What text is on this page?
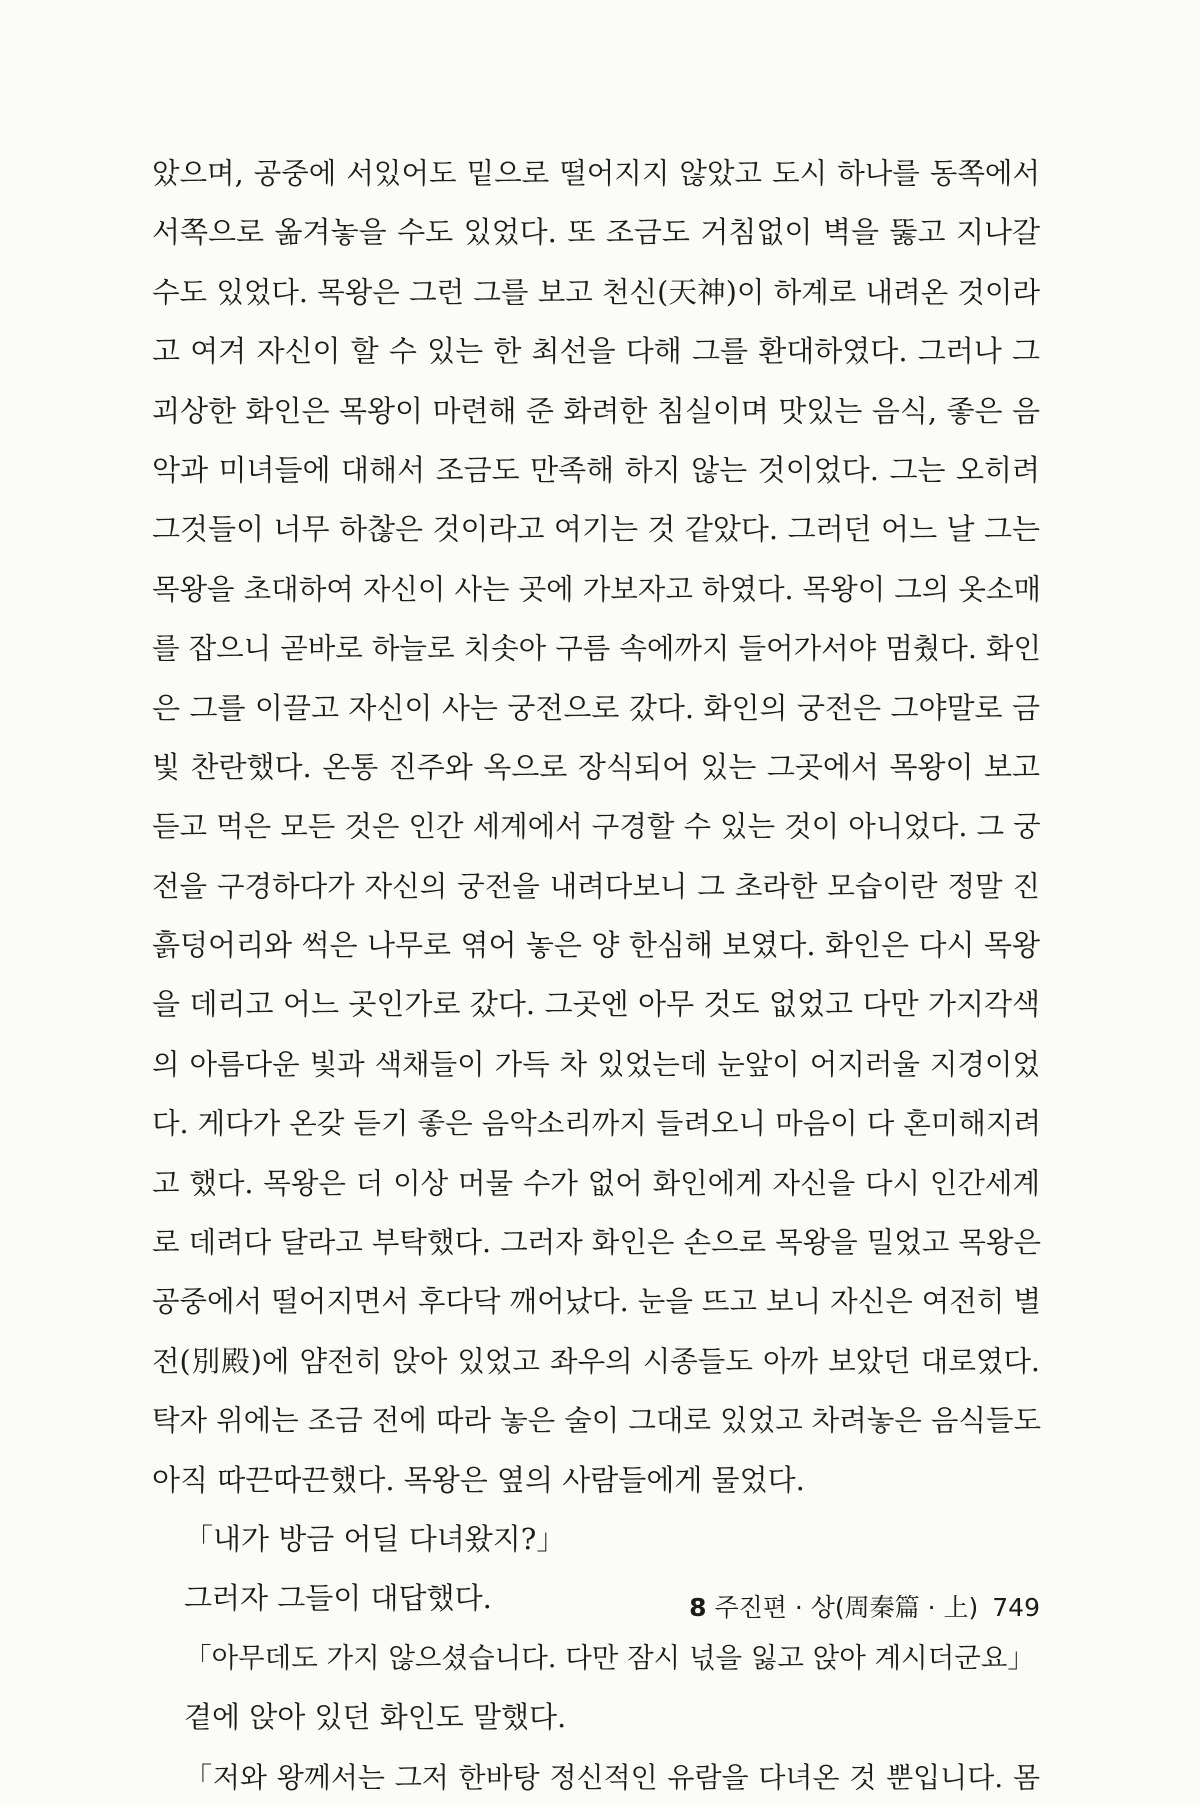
았으며, 공중에 서있어도 밑으로 떨어지지 않았고 도시 하나를 동쪽에서
서쪽으로 옮겨놓을 수도 있었다. 또 조금도 거침없이 벽을 뚫고 지나갈
수도 있었다. 목왕은 그런 그를 보고 천신(天神)이 하계로 내려온 것이라
고 여겨 자신이 할 수 있는 한 최선을 다해 그를 환대하였다. 그러나 그
괴상한 화인은 목왕이 마련해 준 화려한 침실이며 맛있는 음식, 좋은 음
악과 미녀들에 대해서 조금도 만족해 하지 않는 것이었다. 그는 오히려
그것들이 너무 하찮은 것이라고 여기는 것 같았다. 그러던 어느 날 그는
목왕을 초대하여 자신이 사는 곳에 가보자고 하였다. 목왕이 그의 옷소매
를 잡으니 곧바로 하늘로 치솟아 구름 속에까지 들어가서야 멈췄다. 화인
은 그를 이끌고 자신이 사는 궁전으로 갔다. 화인의 궁전은 그야말로 금
빛 찬란했다. 온통 진주와 옥으로 장식되어 있는 그곳에서 목왕이 보고
듣고 먹은 모든 것은 인간 세계에서 구경할 수 있는 것이 아니었다. 그 궁
전을 구경하다가 자신의 궁전을 내려다보니 그 초라한 모습이란 정말 진
흙덩어리와 썩은 나무로 엮어 놓은 양 한심해 보였다. 화인은 다시 목왕
을 데리고 어느 곳인가로 갔다. 그곳엔 아무 것도 없었고 다만 가지각색
의 아름다운 빛과 색채들이 가득 차 있었는데 눈앞이 어지러울 지경이었
다. 게다가 온갖 듣기 좋은 음악소리까지 들려오니 마음이 다 혼미해지려
고 했다. 목왕은 더 이상 머물 수가 없어 화인에게 자신을 다시 인간세계
로 데려다 달라고 부탁했다. 그러자 화인은 손으로 목왕을 밀었고 목왕은
공중에서 떨어지면서 후다닥 깨어났다. 눈을 뜨고 보니 자신은 여전히 별
전(別殿)에 얌전히 앉아 있었고 좌우의 시종들도 아까 보았던 대로였다.
탁자 위에는 조금 전에 따라 놓은 술이 그대로 있었고 차려놓은 음식들도
아직 따끈따끈했다. 목왕은 옆의 사람들에게 물었다.
「내가 방금 어딜 다녀왔지?」
그러자 그들이 대답했다.
「아무데도 가지 않으셨습니다. 다만 잠시 넋을 잃고 앉아 계시더군요」
곁에 앉아 있던 화인도 말했다.
「저와 왕께서는 그저 한바탕 정신적인 유람을 다녀온 것 뿐입니다. 몸
8 주진편 · 상(周秦篇 · 上) 749
